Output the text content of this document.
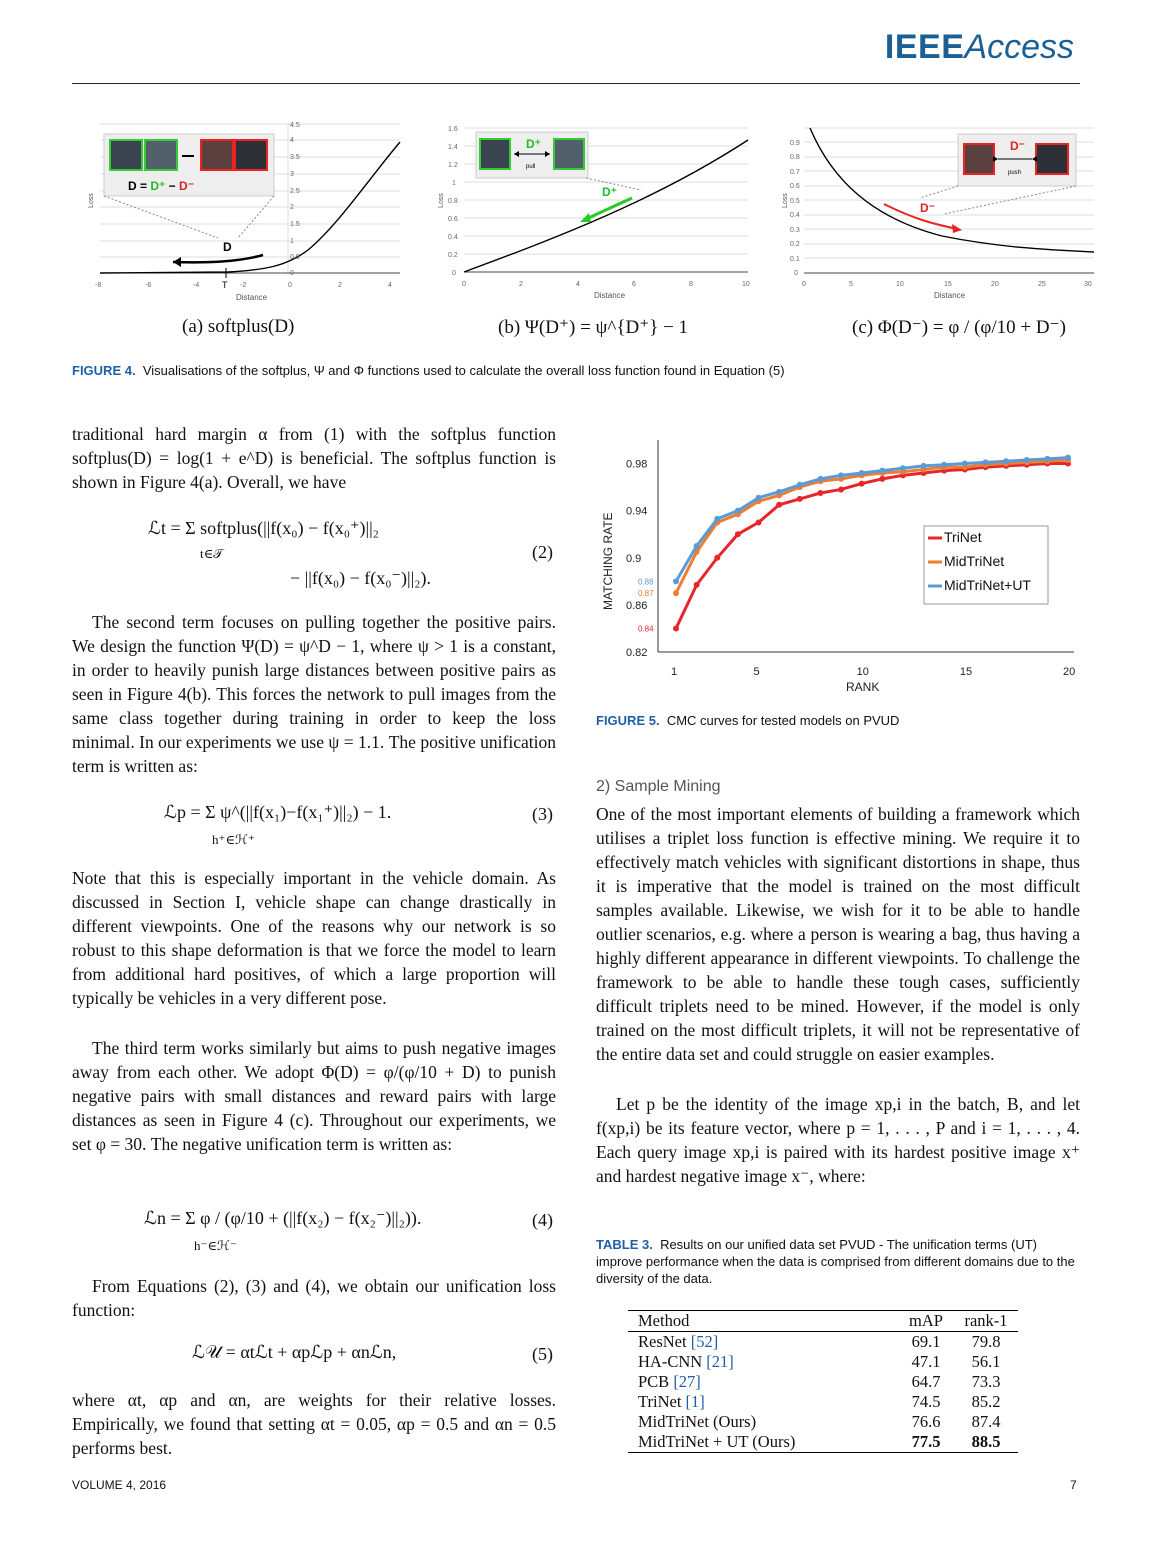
IEEEAccess
D = D⁺ − D⁻
D
T
Distance
Loss
-8	-6	-4	-2	0	2	4
0
0.5
1
1.5
2
2.5
3
3.5
4
4.5
pull
D⁺
D⁺
Distance
Loss
0	2	4	6	8	10
0
0.2
0.4
0.6
0.8
1
1.2
1.4
1.6
push
D⁻
D⁻
Distance
Loss
0	5	10	15	20	25	30
0
0.1
0.2
0.3
0.4
0.5
0.6
0.7
0.8
0.9
(a) softplus(D)	(b) Ψ(D⁺) = ψ^{D⁺} − 1	(c) Φ(D⁻) = φ / (φ/10 + D⁻)
FIGURE 4. Visualisations of the softplus, Ψ and Φ functions used to calculate the overall loss function found in Equation (5)
traditional hard margin α from (1) with the softplus function softplus(D) = log(1 + e^D) is beneficial. The softplus function is shown in Figure 4(a). Overall, we have
ℒt = Σ softplus(||f(x₀) − f(x₀⁺)||₂
t∈𝒯
− ||f(x₀) − f(x₀⁻)||₂).
(2)
The second term focuses on pulling together the positive pairs. We design the function Ψ(D) = ψ^D − 1, where ψ > 1 is a constant, in order to heavily punish large distances between positive pairs as seen in Figure 4(b). This forces the network to pull images from the same class together during training in order to keep the loss minimal. In our experiments we use ψ = 1.1. The positive unification term is written as:
ℒp = Σ ψ^(||f(x₁)−f(x₁⁺)||₂) − 1.
h⁺∈ℋ⁺
(3)
Note that this is especially important in the vehicle domain. As discussed in Section I, vehicle shape can change drastically in different viewpoints. One of the reasons why our network is so robust to this shape deformation is that we force the model to learn from additional hard positives, of which a large proportion will typically be vehicles in a very different pose.
The third term works similarly but aims to push negative images away from each other. We adopt Φ(D) = φ/(φ/10 + D) to punish negative pairs with small distances and reward pairs with large distances as seen in Figure 4 (c). Throughout our experiments, we set φ = 30. The negative unification term is written as:
ℒn = Σ φ / (φ/10 + (||f(x₂) − f(x₂⁻)||₂)).
h⁻∈ℋ⁻
(4)
From Equations (2), (3) and (4), we obtain our unification loss function:
ℒ𝒰 = αtℒt + αpℒp + αnℒn,	(5)
where αt, αp and αn, are weights for their relative losses. Empirically, we found that setting αt = 0.05, αp = 0.5 and αn = 0.5 performs best.
0.82
0.86
0.9
0.94
0.98
1	5	10	15	20
0.88
0.87
0.84
RANK
MATCHING RATE	TriNet
MidTriNet
MidTriNet+UT
FIGURE 5. CMC curves for tested models on PVUD
2) Sample Mining
One of the most important elements of building a framework which utilises a triplet loss function is effective mining. We require it to effectively match vehicles with significant distortions in shape, thus it is imperative that the model is trained on the most difficult samples available. Likewise, we wish for it to be able to handle outlier scenarios, e.g. where a person is wearing a bag, thus having a highly different appearance in different viewpoints. To challenge the framework to be able to handle these tough cases, sufficiently difficult triplets need to be mined. However, if the model is only trained on the most difficult triplets, it will not be representative of the entire data set and could struggle on easier examples.
Let p be the identity of the image xp,i in the batch, B, and let f(xp,i) be its feature vector, where p = 1, . . . , P and i = 1, . . . , 4. Each query image xp,i is paired with its hardest positive image x⁺ and hardest negative image x⁻, where:
TABLE 3. Results on our unified data set PVUD - The unification terms (UT) improve performance when the data is comprised from different domains due to the diversity of the data.
Method	mAP	rank-1
ResNet [52]	69.1	79.8
HA-CNN [21]	47.1	56.1
PCB [27]	64.7	73.3
TriNet [1]	74.5	85.2
MidTriNet (Ours)	76.6	87.4
MidTriNet + UT (Ours)	77.5	88.5
VOLUME 4, 2016	7
